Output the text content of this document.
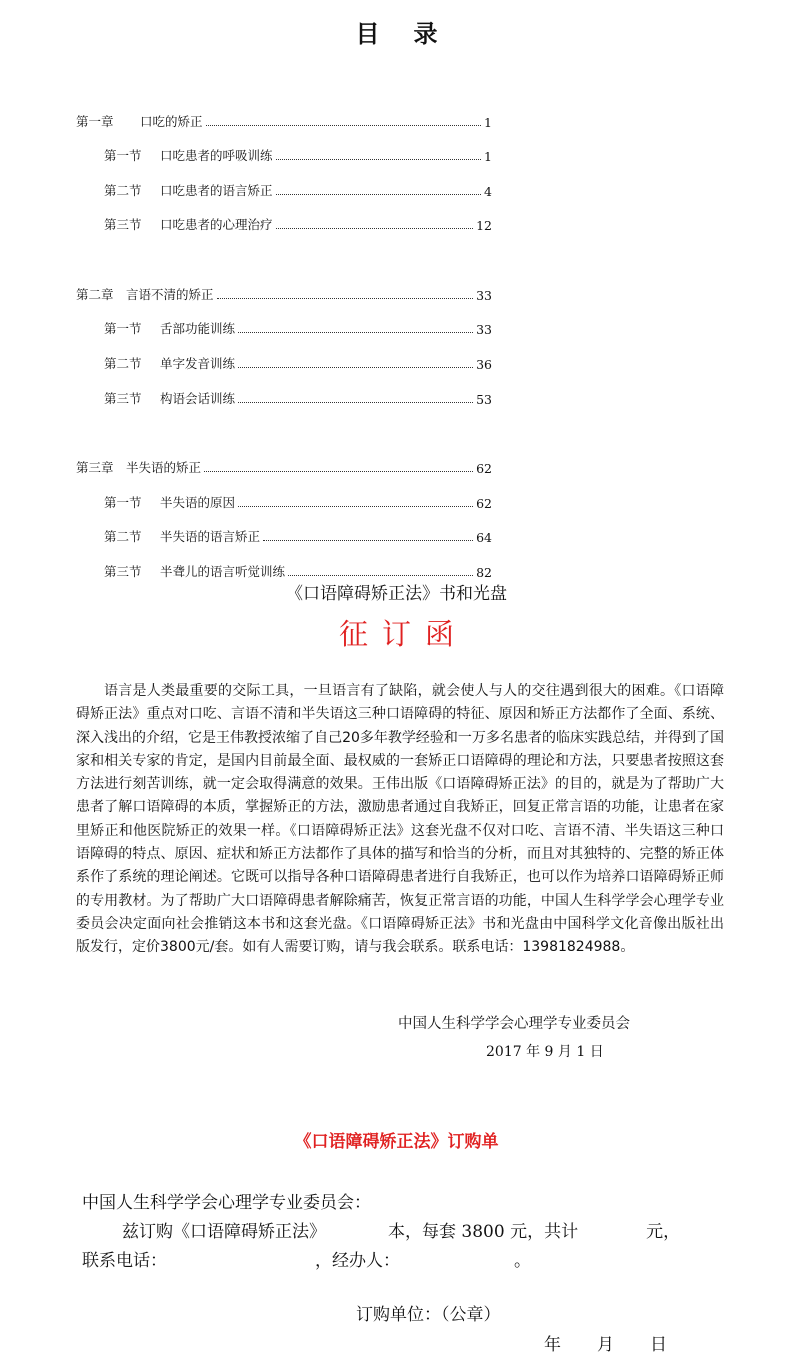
目录
第一章 口吃的矫正	1
第一节 口吃患者的呼吸训练	1
第二节 口吃患者的语言矫正	4
第三节 口吃患者的心理治疗	12
第二章 言语不清的矫正	33
第一节 舌部功能训练	33
第二节 单字发音训练	36
第三节 构语会话训练	53
第三章 半失语的矫正	62
第一节 半失语的原因	62
第二节 半失语的语言矫正	64
第三节 半聋儿的语言听觉训练	82
《口语障碍矫正法》书和光盘
征订函

语言是人类最重要的交际工具，一旦语言有了缺陷，就会使人与人的交往遇到很大的困难。《口语障碍矫正法》重点对口吃、言语不清和半失语这三种口语障碍的特征、原因和矫正方法都作了全面、系统、深入浅出的介绍，它是王伟教授浓缩了自己20多年教学经验和一万多名患者的临床实践总结，并得到了国家和相关专家的肯定，是国内目前最全面、最权威的一套矫正口语障碍的理论和方法，只要患者按照这套方法进行刻苦训练，就一定会取得满意的效果。王伟出版《口语障碍矫正法》的目的，就是为了帮助广大患者了解口语障碍的本质，掌握矫正的方法，激励患者通过自我矫正，回复正常言语的功能，让患者在家里矫正和他医院矫正的效果一样。《口语障碍矫正法》这套光盘不仅对口吃、言语不清、半失语这三种口语障碍的特点、原因、症状和矫正方法都作了具体的描写和恰当的分析，而且对其独特的、完整的矫正体系作了系统的理论阐述。它既可以指导各种口语障碍患者进行自我矫正，也可以作为培养口语障碍矫正师的专用教材。为了帮助广大口语障碍患者解除痛苦，恢复正常言语的功能，中国人生科学学会心理学专业委员会决定面向社会推销这本书和这套光盘。《口语障碍矫正法》书和光盘由中国科学文化音像出版社出版发行，定价3800元/套。如有人需要订购，请与我会联系。联系电话：13981824988。

中国人生科学学会心理学专业委员会
2017 年 9 月 1 日
《口语障碍矫正法》订购单
中国人生科学学会心理学专业委员会：
兹订购《口语障碍矫正法》	本，每套 3800 元，共计	元，
联系电话：	，经办人：	。
订购单位：（公章）
年 月 日
